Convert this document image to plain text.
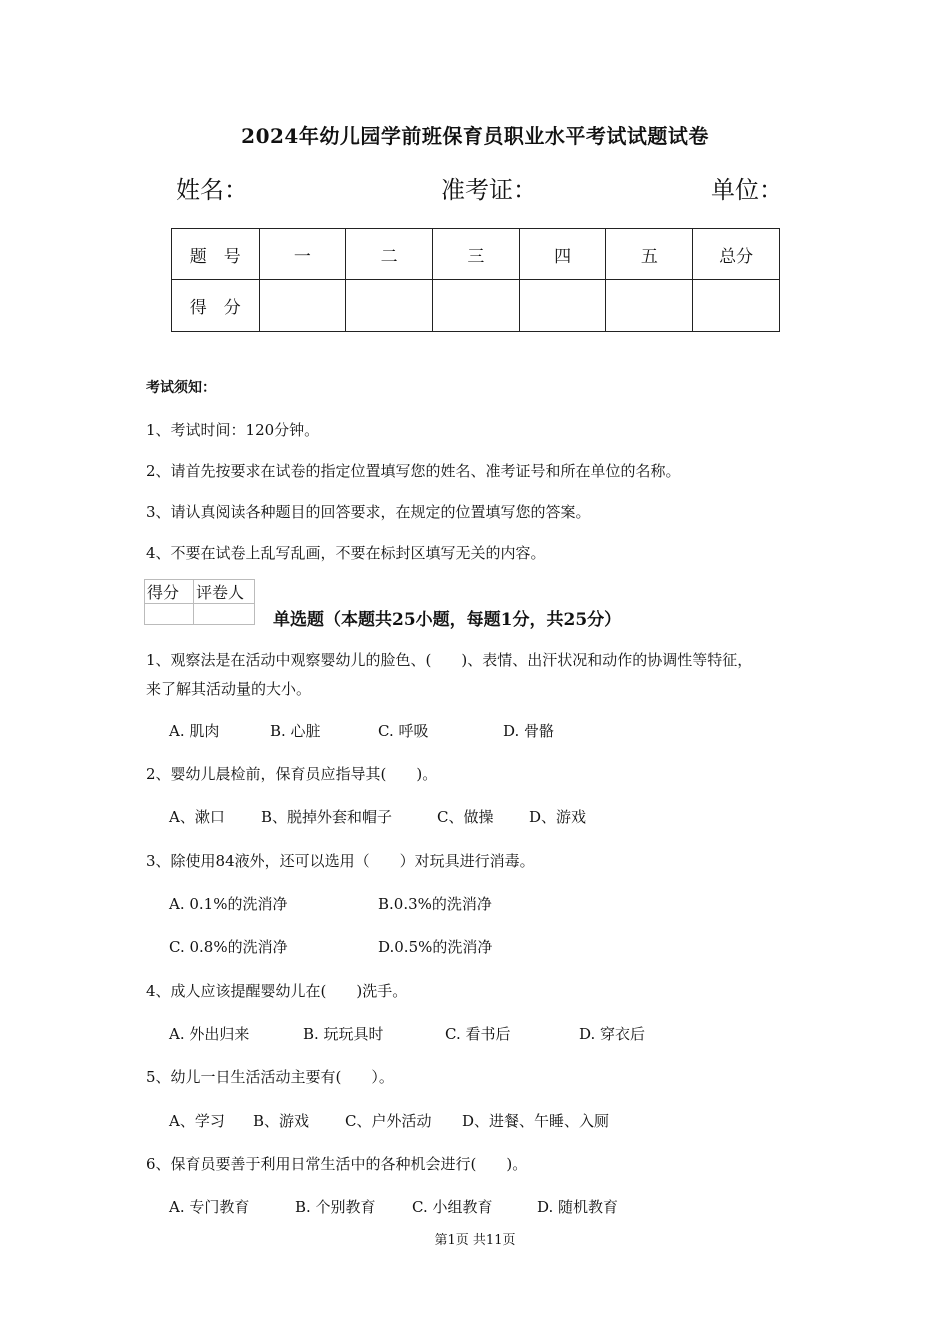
2024年幼儿园学前班保育员职业水平考试试题试卷
姓名：	准考证：	单位：
题　号	一	二	三	四	五	总分
得　分						
考试须知：
1、考试时间：120分钟。
2、请首先按要求在试卷的指定位置填写您的姓名、准考证号和所在单位的名称。
3、请认真阅读各种题目的回答要求，在规定的位置填写您的答案。
4、不要在试卷上乱写乱画，不要在标封区填写无关的内容。
得分	评卷人

单选题（本题共25小题，每题1分，共25分）
1、观察法是在活动中观察婴幼儿的脸色、(　　)、表情、出汗状况和动作的协调性等特征，
来了解其活动量的大小。
A. 肌肉	B. 心脏	C. 呼吸	D. 骨骼
2、婴幼儿晨检前，保育员应指导其(　　)。
A、漱口 B、脱掉外套和帽子	C、做操 D、游戏
3、除使用84液外，还可以选用（　　）对玩具进行消毒。
A. 0.1%的洗消净	B.0.3%的洗消净
C. 0.8%的洗消净	D.0.5%的洗消净
4、成人应该提醒婴幼儿在(　　)洗手。
A. 外出归来	B. 玩玩具时	C. 看书后	D. 穿衣后
5、幼儿一日生活活动主要有(　　）。
A、学习 B、游戏 C、户外活动 D、进餐、午睡、入厕
6、保育员要善于利用日常生活中的各种机会进行(　　)。
A. 专门教育	B. 个别教育 C. 小组教育	D. 随机教育
第1页 共11页
